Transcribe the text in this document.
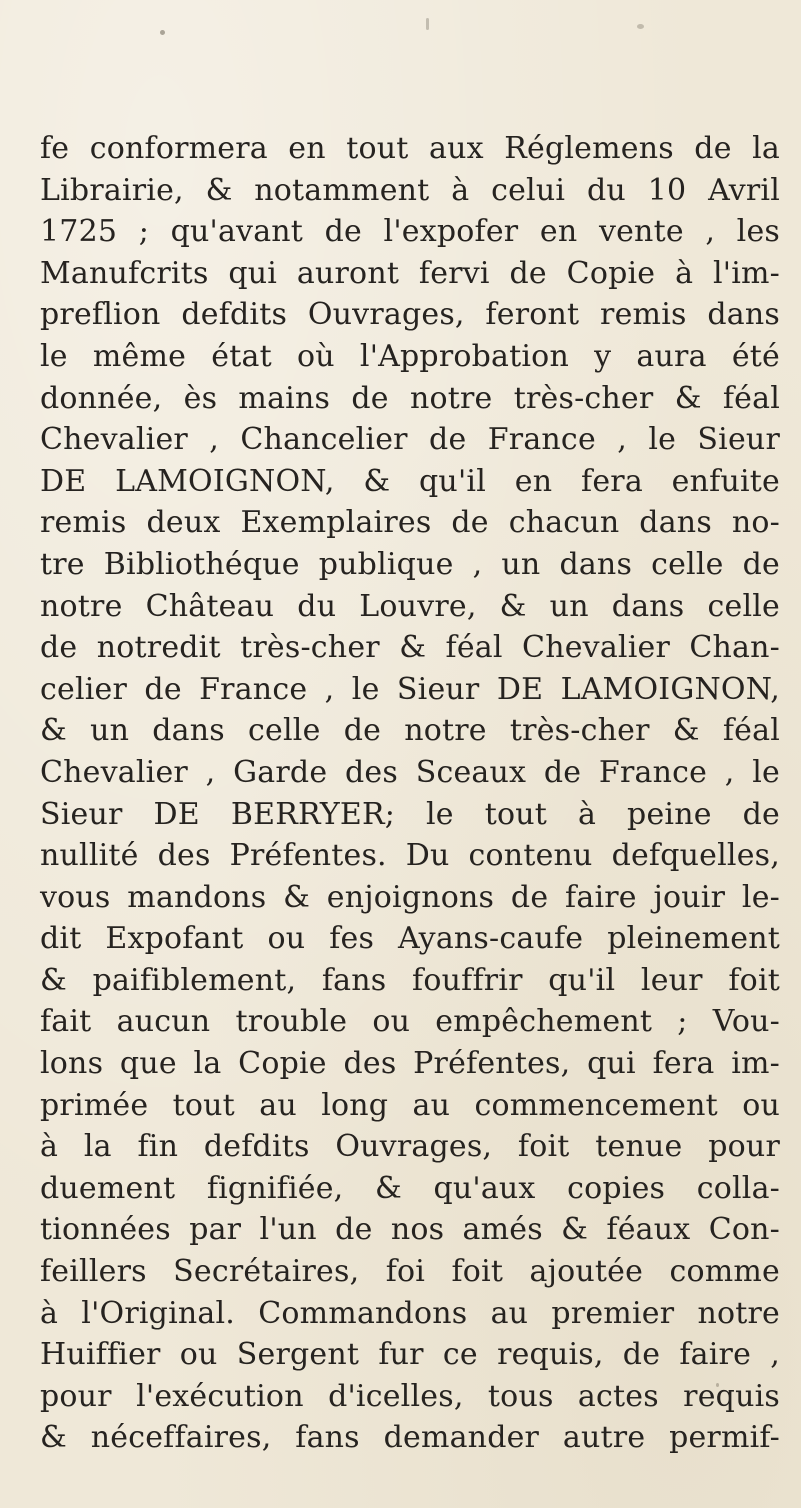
fe conformera en tout aux Réglemens de la
Librairie, & notamment à celui du 10 Avril
1725 ; qu'avant de l'expofer en vente , les
Manufcrits qui auront fervi de Copie à l'im-
preflion defdits Ouvrages, feront remis dans
le même état où l'Approbation y aura été
donnée, ès mains de notre très-cher & féal
Chevalier , Chancelier de France , le Sieur
DE LAMOIGNON, & qu'il en fera enfuite
remis deux Exemplaires de chacun dans no-
tre Bibliothéque publique , un dans celle de
notre Château du Louvre, & un dans celle
de notredit très-cher & féal Chevalier Chan-
celier de France , le Sieur DE LAMOIGNON,
& un dans celle de notre très-cher & féal
Chevalier , Garde des Sceaux de France , le
Sieur DE BERRYER; le tout à peine de
nullité des Préfentes. Du contenu defquelles,
vous mandons & enjoignons de faire jouir le-
dit Expofant ou fes Ayans-caufe pleinement
& paifiblement, fans fouffrir qu'il leur foit
fait aucun trouble ou empêchement ; Vou-
lons que la Copie des Préfentes, qui fera im-
primée tout au long au commencement ou
à la fin defdits Ouvrages, foit tenue pour
duement fignifiée, & qu'aux copies colla-
tionnées par l'un de nos amés & féaux Con-
feillers Secrétaires, foi foit ajoutée comme
à l'Original. Commandons au premier notre
Huiffier ou Sergent fur ce requis, de faire ,
pour l'exécution d'icelles, tous actes requis
& néceffaires, fans demander autre permif-
